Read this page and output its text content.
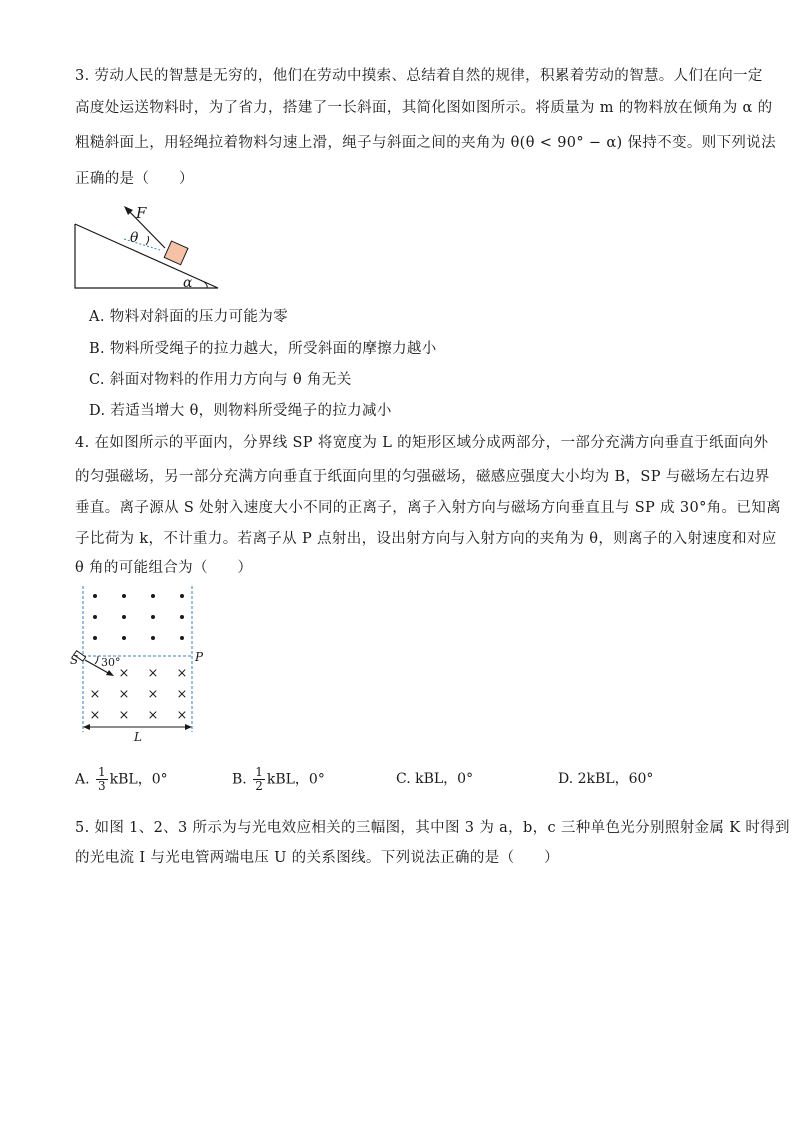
3. 劳动人民的智慧是无穷的，他们在劳动中摸索、总结着自然的规律，积累着劳动的智慧。人们在向一定
高度处运送物料时，为了省力，搭建了一长斜面，其简化图如图所示。将质量为 m 的物料放在倾角为 α 的
粗糙斜面上，用轻绳拉着物料匀速上滑，绳子与斜面之间的夹角为 θ(θ < 90° − α) 保持不变。则下列说法
正确的是（　　）
F
θ
α
A. 物料对斜面的压力可能为零
B. 物料所受绳子的拉力越大，所受斜面的摩擦力越小
C. 斜面对物料的作用力方向与 θ 角无关
D. 若适当增大 θ，则物料所受绳子的拉力减小
4. 在如图所示的平面内，分界线 SP 将宽度为 L 的矩形区域分成两部分，一部分充满方向垂直于纸面向外
的匀强磁场，另一部分充满方向垂直于纸面向里的匀强磁场，磁感应强度大小均为 B，SP 与磁场左右边界
垂直。离子源从 S 处射入速度大小不同的正离子，离子入射方向与磁场方向垂直且与 SP 成 30°角。已知离
子比荷为 k，不计重力。若离子从 P 点射出，设出射方向与入射方向的夹角为 θ，则离子的入射速度和对应
θ 角的可能组合为（　　）
× × ×
× × × ×
× × × ×
S	P
30°
L
A. $\frac{1}{3}$ kBL，0°	B. $\frac{1}{2}$ kBL，0°	C. kBL，0°	D. 2kBL，60°
5. 如图 1、2、3 所示为与光电效应相关的三幅图，其中图 3 为 a，b，c 三种单色光分别照射金属 K 时得到
的光电流 I 与光电管两端电压 U 的关系图线。下列说法正确的是（　　）
